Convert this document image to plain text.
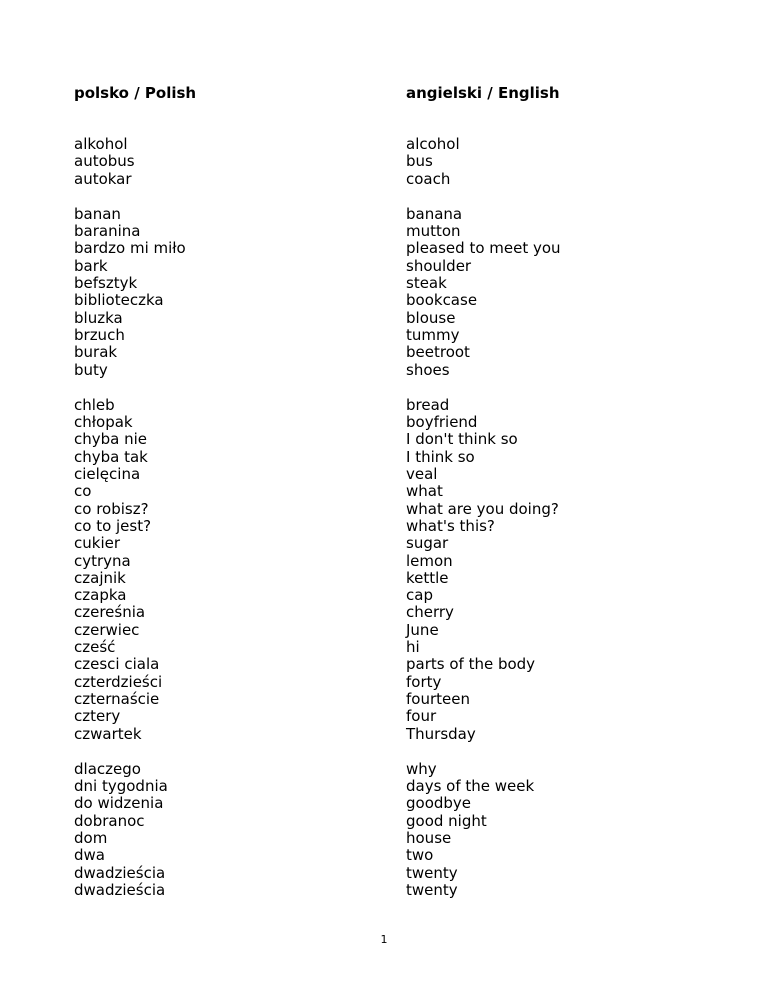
polsko / Polish	angielski / English
alkohol
autobus
autokar
alcohol
bus
coach
banan
baranina
bardzo mi miło
bark
befsztyk
biblioteczka
bluzka
brzuch
burak
buty
banana
mutton
pleased to meet you
shoulder
steak
bookcase
blouse
tummy
beetroot
shoes
chleb
chłopak
chyba nie
chyba tak
cielęcina
co
co robisz?
co to jest?
cukier
cytryna
czajnik
czapka
czereśnia
czerwiec
cześć
czesci ciala
czterdzieści
czternaście
cztery
czwartek
bread
boyfriend
I don't think so
I think so
veal
what
what are you doing?
what's this?
sugar
lemon
kettle
cap
cherry
June
hi
parts of the body
forty
fourteen
four
Thursday
dlaczego
dni tygodnia
do widzenia
dobranoc
dom
dwa
dwadzieścia
dwadzieścia
why
days of the week
goodbye
good night
house
two
twenty
twenty
1
